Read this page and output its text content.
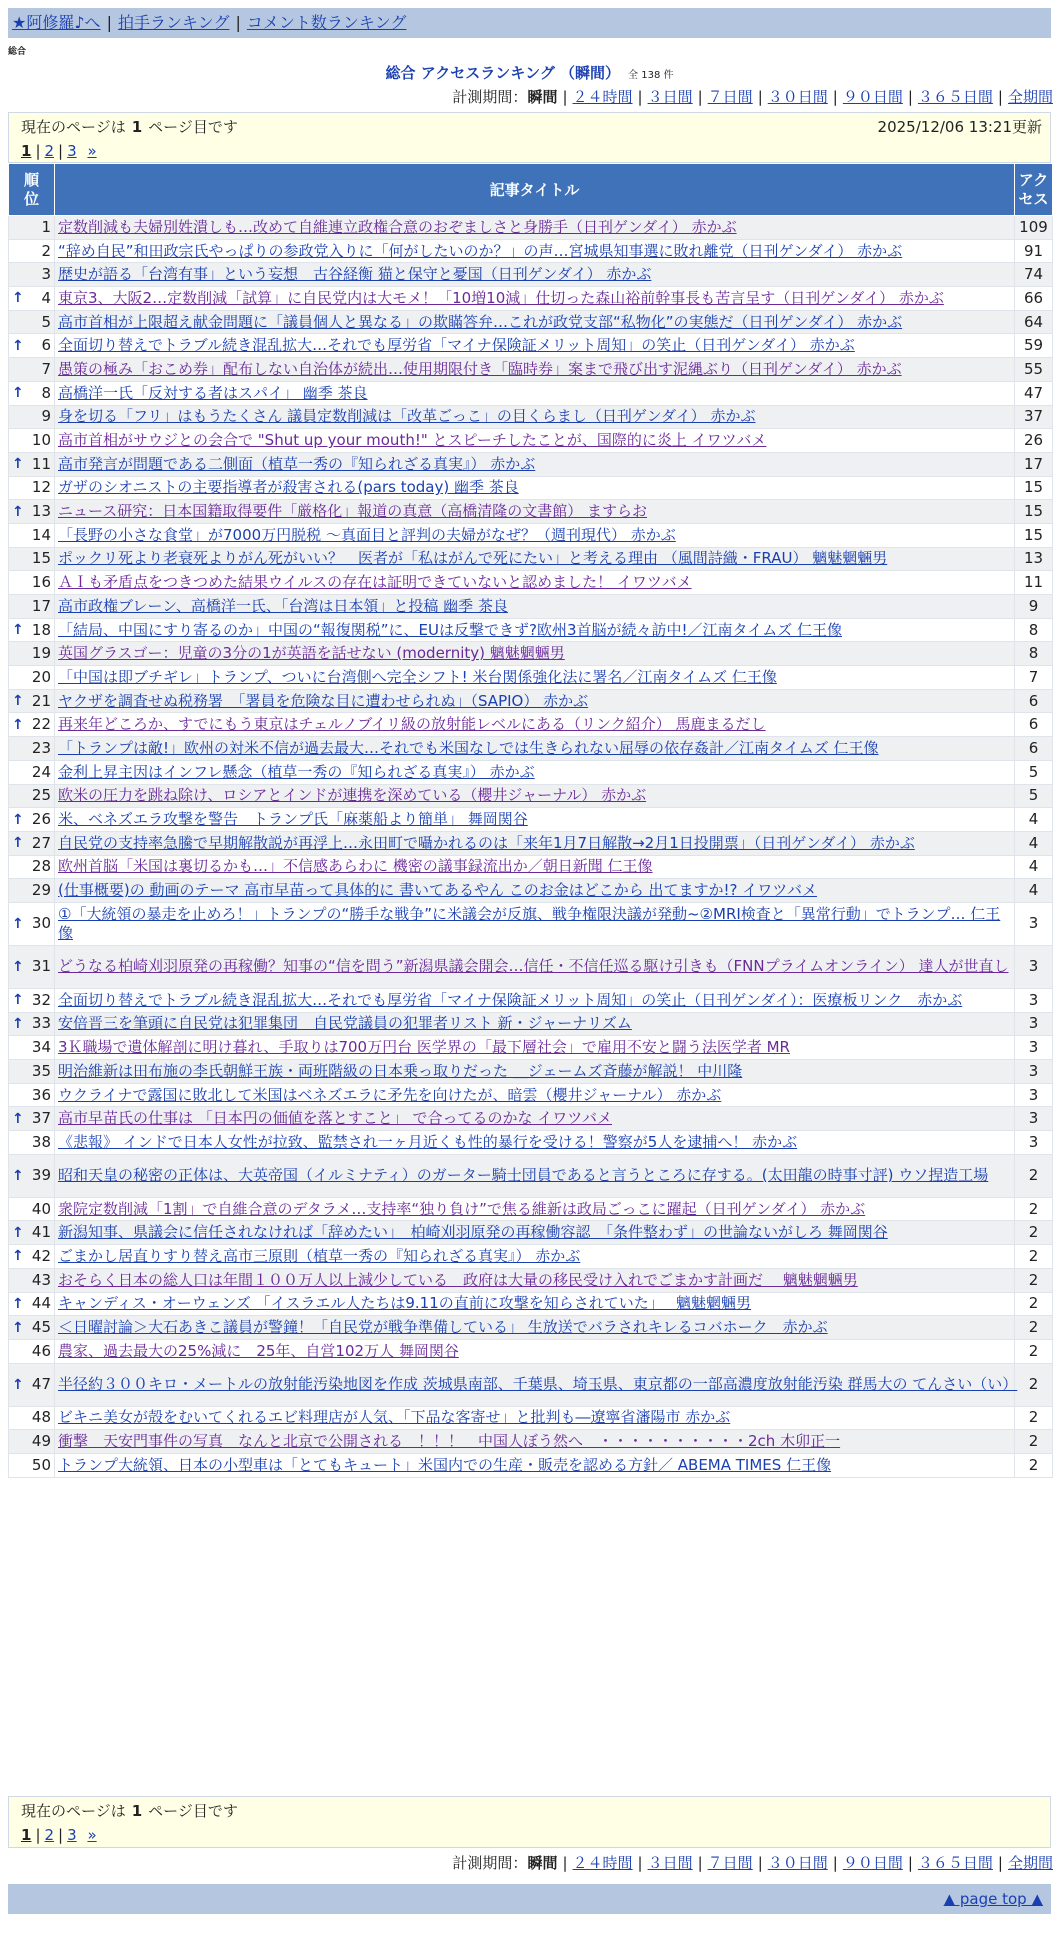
★阿修羅♪へ | 拍手ランキング | コメント数ランキング
総合
総合 アクセスランキング （瞬間） 全 138 件
計測期間：瞬間 | ２４時間 | ３日間 | ７日間 | ３０日間 | ９０日間 | ３６５日間 | 全期間
現在のページは 1 ページ目です	2025/12/06 13:21更新
1 | 2 | 3 »
順位	記事タイトル	アクセス

1	定数削減も夫婦別姓潰しも…改めて自維連立政権合意のおぞましさと身勝手（日刊ゲンダイ） 赤かぶ	109
2	“辞め自民”和田政宗氏やっぱりの参政党入りに「何がしたいのか？」の声…宮城県知事選に敗れ離党（日刊ゲンダイ） 赤かぶ	91
3	歴史が語る「台湾有事」という妄想　古谷経衡 猫と保守と憂国（日刊ゲンダイ） 赤かぶ	74

↑ 4	東京3、大阪2…定数削減「試算」に自民党内は大モメ！「10増10減」仕切った森山裕前幹事長も苦言呈す（日刊ゲンダイ） 赤かぶ	66
5	高市首相が上限超え献金問題に「議員個人と異なる」の欺瞞答弁…これが政党支部“私物化”の実態だ（日刊ゲンダイ） 赤かぶ	64

↑ 6	全面切り替えでトラブル続き混乱拡大…それでも厚労省「マイナ保険証メリット周知」の笑止（日刊ゲンダイ） 赤かぶ	59
7	愚策の極み「おこめ券」配布しない自治体が続出…使用期限付き「臨時券」案まで飛び出す泥縄ぶり（日刊ゲンダイ） 赤かぶ	55

↑ 8	高橋洋一氏「反対する者はスパイ」 幽季 茶良	47
9	身を切る「フリ」はもうたくさん 議員定数削減は「改革ごっこ」の目くらまし（日刊ゲンダイ） 赤かぶ	37
10	高市首相がサウジとの会合で "Shut up your mouth!" とスピーチしたことが、国際的に炎上 イワツバメ	26

↑ 11	高市発言が問題である二側面（植草一秀の『知られざる真実』） 赤かぶ	17
12	ガザのシオニストの主要指導者が殺害される(pars today) 幽季 茶良	15

↑ 13	ニュース研究：日本国籍取得要件「厳格化」報道の真意（高橋清隆の文書館） ますらお	15
14	「長野の小さな食堂」が7000万円脱税 〜真面目と評判の夫婦がなぜ？（週刊現代） 赤かぶ	15
15	ポックリ死より老衰死よりがん死がいい？　医者が「私はがんで死にたい」と考える理由 （風間詩織・FRAU） 魑魅魍魎男	13
16	ＡＩも矛盾点をつきつめた結果ウイルスの存在は証明できていないと認めました！ イワツバメ	11
17	高市政権ブレーン、高橋洋一氏、「台湾は日本領」と投稿 幽季 茶良	9

↑ 18	「結局、中国にすり寄るのか」中国の“報復関税”に、EUは反撃できず?欧州3首脳が続々訪中!／江南タイムズ 仁王像	8
19	英国グラスゴー：児童の3分の1が英語を話せない (modernity) 魑魅魍魎男	8
20	「中国は即ブチギレ」トランプ、ついに台湾側へ完全シフト! 米台関係強化法に署名／江南タイムズ 仁王像	7

↑ 21	ヤクザを調査せぬ税務署　「署員を危険な目に遭わせられぬ」（SAPIO） 赤かぶ	6

↑ 22	再来年どころか、すでにもう東京はチェルノブイリ級の放射能レベルにある（リンク紹介） 馬鹿まるだし	6
23	「トランプは敵!」欧州の対米不信が過去最大…それでも米国なしでは生きられない屈辱の依存姦計／江南タイムズ 仁王像	6
24	金利上昇主因はインフレ懸念（植草一秀の『知られざる真実』） 赤かぶ	5
25	欧米の圧力を跳ね除け、ロシアとインドが連携を深めている（櫻井ジャーナル） 赤かぶ	5

↑ 26	米、ベネズエラ攻撃を警告　トランプ氏「麻薬船より簡単」 舞岡関谷	4

↑ 27	自民党の支持率急騰で早期解散説が再浮上…永田町で囁かれるのは「来年1月7日解散→2月1日投開票」（日刊ゲンダイ） 赤かぶ	4
28	欧州首脳「米国は裏切るかも…」不信感あらわに 機密の議事録流出か／朝日新聞 仁王像	4
29	(仕事概要)の 動画のテーマ 高市早苗って具体的に 書いてあるやん このお金はどこから 出てますか!? イワツバメ	4

↑ 30	①「大統領の暴走を止めろ！」トランプの“勝手な戦争”に米議会が反旗、戦争権限決議が発動~②MRI検査と「異常行動」でトランプ… 仁王像	3

↑ 31	どうなる柏崎刈羽原発の再稼働？知事の“信を問う”新潟県議会開会…信任・不信任巡る駆け引きも（FNNプライムオンライン） 達人が世直し	3

↑ 32	全面切り替えでトラブル続き混乱拡大…それでも厚労省「マイナ保険証メリット周知」の笑止（日刊ゲンダイ）：医療板リンク　赤かぶ	3

↑ 33	安倍晋三を筆頭に自民党は犯罪集団　自民党議員の犯罪者リスト 新・ジャーナリズム	3
34	3Ｋ職場で遺体解剖に明け暮れ、手取りは700万円台 医学界の「最下層社会」で雇用不安と闘う法医学者 MR	3
35	明治維新は田布施の李氏朝鮮王族・両班階級の日本乗っ取りだった ＿ジェームズ斉藤が解説！ 中川隆	3
36	ウクライナで露国に敗北して米国はベネズエラに矛先を向けたが、暗雲（櫻井ジャーナル） 赤かぶ	3

↑ 37	高市早苗氏の仕事は 「日本円の価値を落とすこと」 で合ってるのかな イワツバメ	3
38	《悲報》 インドで日本人女性が拉致、監禁され一ヶ月近くも性的暴行を受ける！警察が5人を逮捕へ！ 赤かぶ	3

↑ 39	昭和天皇の秘密の正体は、大英帝国（イルミナティ）のガーター騎士団員であると言うところに存する。(太田龍の時事寸評) ウソ捏造工場	2
40	衆院定数削減「1割」で自維合意のデタラメ…支持率“独り負け”で焦る維新は政局ごっこに躍起（日刊ゲンダイ） 赤かぶ	2

↑ 41	新潟知事、県議会に信任されなければ「辞めたい」　柏崎刈羽原発の再稼働容認　「条件整わず」の世論ないがしろ 舞岡関谷	2

↑ 42	ごまかし居直りすり替え高市三原則（植草一秀の『知られざる真実』） 赤かぶ	2
43	おそらく日本の総人口は年間１００万人以上減少している　政府は大量の移民受け入れでごまかす計画だ　 魑魅魍魎男	2

↑ 44	キャンディス・オーウェンズ 「イスラエル人たちは9.11の直前に攻撃を知らされていた」　 魑魅魍魎男	2

↑ 45	＜日曜討論＞大石あきこ議員が警鐘！「自民党が戦争準備している」 生放送でバラされキレるコバホーク　赤かぶ	2
46	農家、過去最大の25%減に　25年、自営102万人 舞岡関谷	2

↑ 47	半径約３００キロ・メートルの放射能汚染地図を作成 茨城県南部、千葉県、埼玉県、東京都の一部高濃度放射能汚染 群馬大の てんさい（い）	2
48	ビキニ美女が殻をむいてくれるエビ料理店が人気、「下品な客寄せ」と批判も―遼寧省瀋陽市 赤かぶ	2
49	衝撃　天安門事件の写真　なんと北京で公開される　！！！　中国人ぼう然へ　・・・・・・・・・・2ch 木卯正一	2
50	トランプ大統領、日本の小型車は「とてもキュート」米国内での生産・販売を認める方針／ ABEMA TIMES 仁王像	2
現在のページは 1 ページ目です
1 | 2 | 3 »
計測期間：瞬間 | ２４時間 | ３日間 | ７日間 | ３０日間 | ９０日間 | ３６５日間 | 全期間
▲ page top ▲
